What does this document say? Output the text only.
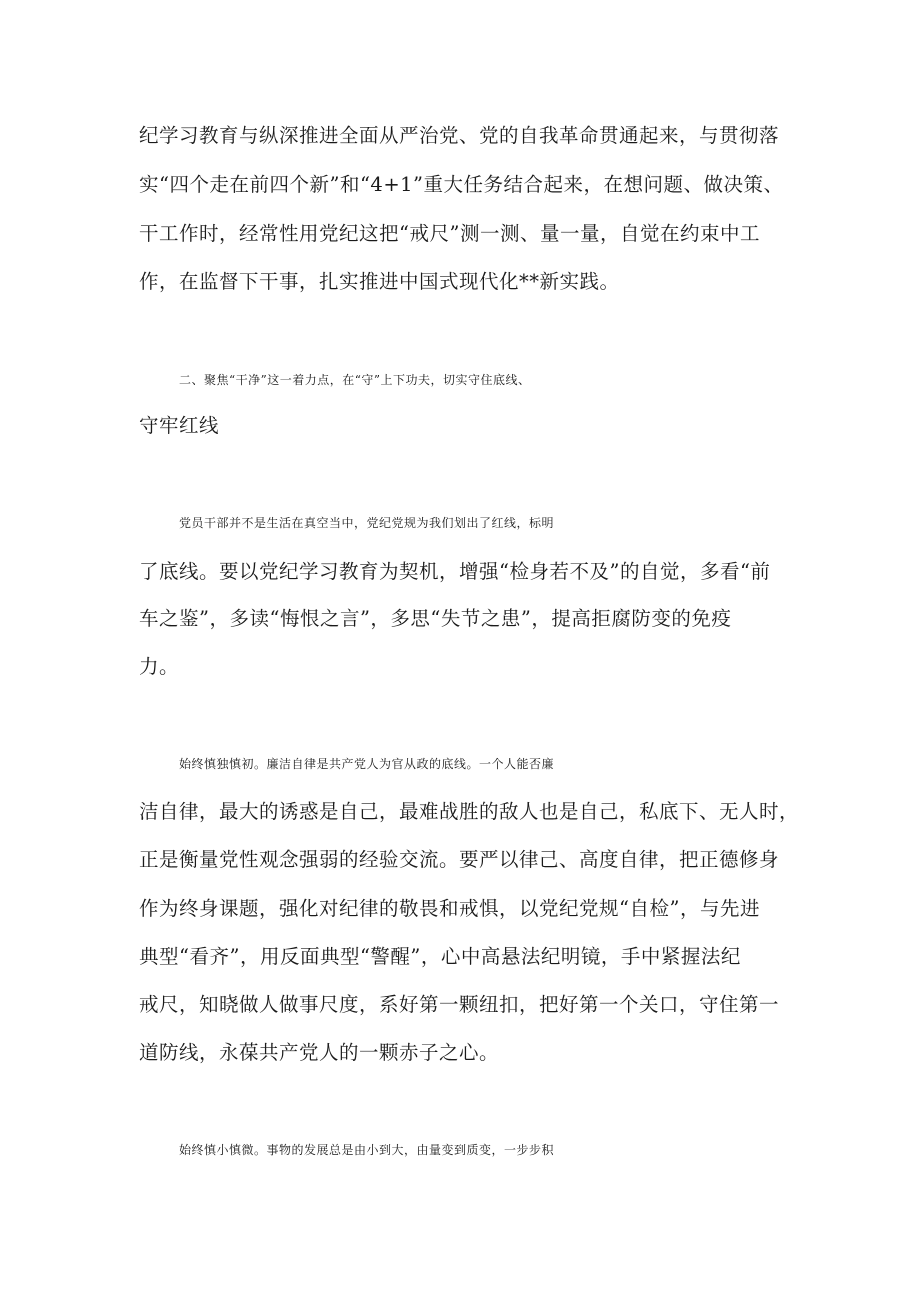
纪学习教育与纵深推进全面从严治党、党的自我革命贯通起来，与贯彻落
实“四个走在前四个新”和“4+1”重大任务结合起来，在想问题、做决策、
干工作时，经常性用党纪这把“戒尺”测一测、量一量，自觉在约束中工
作，在监督下干事，扎实推进中国式现代化**新实践。
二、聚焦“干净”这一着力点，在“守”上下功夫，切实守住底线、
守牢红线
党员干部并不是生活在真空当中，党纪党规为我们划出了红线，标明
了底线。要以党纪学习教育为契机，增强“检身若不及”的自觉，多看“前
车之鉴”，多读“悔恨之言”，多思“失节之患”，提高拒腐防变的免疫
力。
始终慎独慎初。廉洁自律是共产党人为官从政的底线。一个人能否廉
洁自律，最大的诱惑是自己，最难战胜的敌人也是自己，私底下、无人时，
正是衡量党性观念强弱的经验交流。要严以律己、高度自律，把正德修身
作为终身课题，强化对纪律的敬畏和戒惧，以党纪党规“自检”，与先进
典型“看齐”，用反面典型“警醒”，心中高悬法纪明镜，手中紧握法纪
戒尺，知晓做人做事尺度，系好第一颗纽扣，把好第一个关口，守住第一
道防线，永葆共产党人的一颗赤子之心。
始终慎小慎微。事物的发展总是由小到大，由量变到质变，一步步积
